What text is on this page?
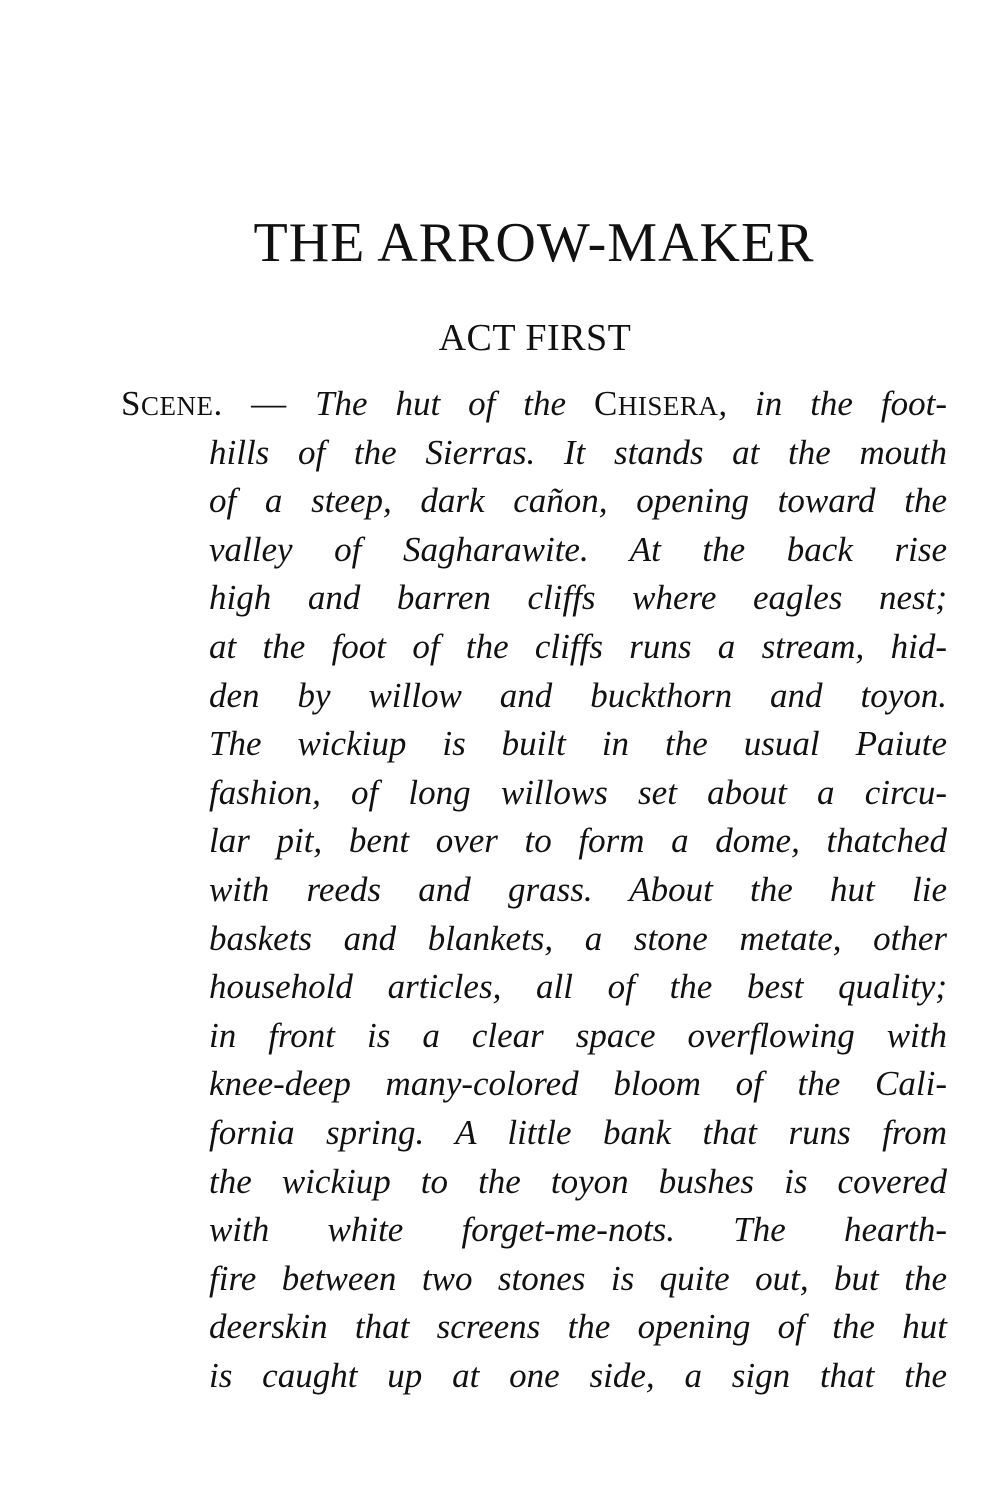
THE ARROW-MAKER
ACT FIRST
SCENE. — The hut of the CHISERA, in the foot-
hills of the Sierras. It stands at the mouth
of a steep, dark cañon, opening toward the
valley of Sagharawite. At the back rise
high and barren cliffs where eagles nest;
at the foot of the cliffs runs a stream, hid-
den by willow and buckthorn and toyon.
The wickiup is built in the usual Paiute
fashion, of long willows set about a circu-
lar pit, bent over to form a dome, thatched
with reeds and grass. About the hut lie
baskets and blankets, a stone metate, other
household articles, all of the best quality;
in front is a clear space overflowing with
knee-deep many-colored bloom of the Cali-
fornia spring. A little bank that runs from
the wickiup to the toyon bushes is covered
with white forget-me-nots. The hearth-
fire between two stones is quite out, but the
deerskin that screens the opening of the hut
is caught up at one side, a sign that the
